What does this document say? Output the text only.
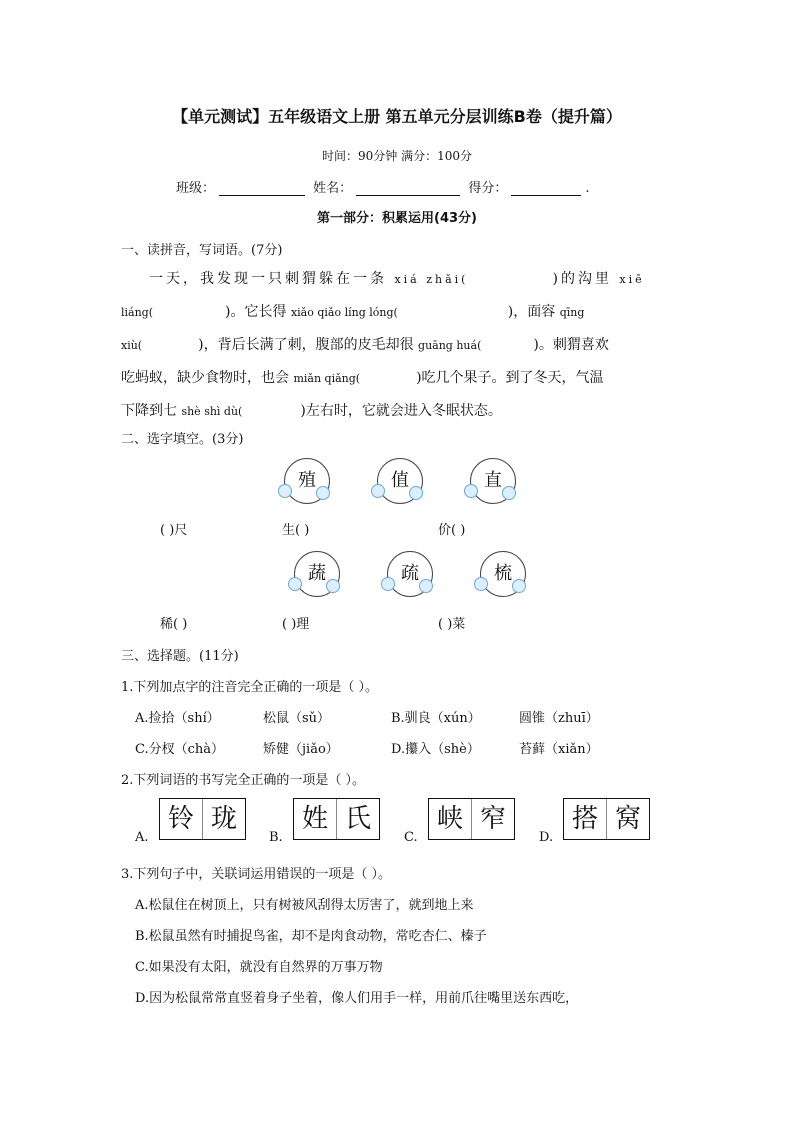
【单元测试】五年级语文上册 第五单元分层训练B卷（提升篇）
时间：90分钟 满分：100分
班级：	姓名：	得分：	.
第一部分：积累运用(43分)
一、读拼音，写词语。(7分)
一天，我发现一只刺猬躲在一条 xiá zhǎi(	)的沟里 xiē
liáng(	)。它长得 xiǎo qiǎo líng lóng(	)，面容 qīng
xiù(	)，背后长满了刺，腹部的皮毛却很 guāng huá(	)。刺猬喜欢
吃蚂蚁，缺少食物时，也会 miǎn qiǎng(	)吃几个果子。到了冬天，气温
下降到七 shè shì dù(	)左右时，它就会进入冬眠状态。
二、选字填空。(3分)
殖	值	直
( )尺	生( )	价( )
蔬	疏	梳
稀( )	( )理	( )菜
三、选择题。(11分)
1.下列加点字的注音完全正确的一项是（ ）。
A.捡拾（shí）	松鼠（sǔ）	B.驯良（xún）	圆锥（zhuī）
C.分杈（chà）	矫健（jiǎo）	D.攥入（shè）	苔藓（xiǎn）
2.下列词语的书写完全正确的一项是（ ）。
A.
铃 珑
B.
姓 氏
C.
峡 窄
D.
搭 窝
3.下列句子中，关联词运用错误的一项是（ ）。
A.松鼠住在树顶上，只有树被风刮得太厉害了，就到地上来
B.松鼠虽然有时捕捉鸟雀，却不是肉食动物，常吃杏仁、榛子
C.如果没有太阳，就没有自然界的万事万物
D.因为松鼠常常直竖着身子坐着，像人们用手一样，用前爪往嘴里送东西吃，
